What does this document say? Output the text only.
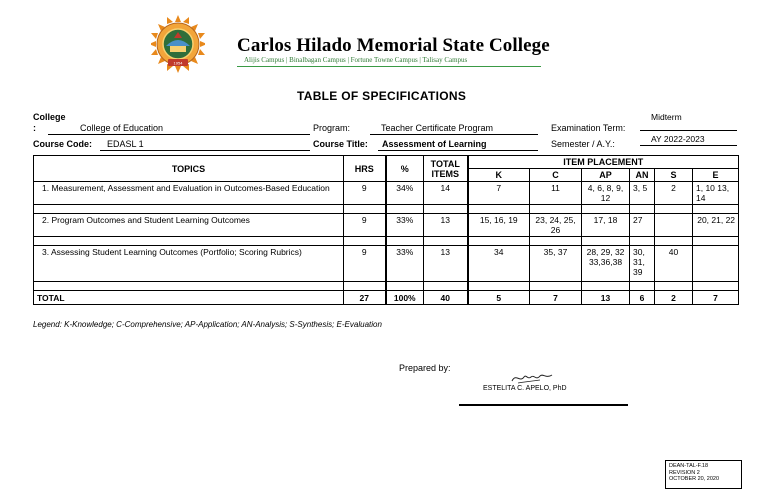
1954
Carlos Hilado Memorial State College
Alijis Campus | Binalbagan Campus | Fortune Towne Campus | Talisay Campus
TABLE OF SPECIFICATIONS
College
:	College of Education	Program:	Teacher Certificate Program	Examination Term:
Midterm
Course Code: EDASL 1	Course Title: Assessment of Learning	Semester / A.Y.:	AY 2022-2023
TOPICS	HRS	%	TOTAL
ITEMS	ITEM PLACEMENT					
				K	C	AP	AN	S	E
1. Measurement, Assessment and Evaluation in Outcomes-Based Education	9	34%	14	7	11	4, 6, 8, 9, 12	3, 5	2	1, 10 13, 14

2. Program Outcomes and Student Learning Outcomes	9	33%	13	15, 16, 19	23, 24, 25, 26	17, 18	27		20, 21, 22

3. Assessing Student Learning Outcomes (Portfolio; Scoring Rubrics)	9	33%	13	34	35, 37	28, 29, 32 33,36,38	30, 31, 39	40	

TOTAL	27	100%	40	5	7	13	6	2	7
Legend: K-Knowledge; C-Comprehensive; AP-Application; AN-Analysis; S-Synthesis; E-Evaluation
Prepared by:
ESTELITA C. APELO, PhD
DEAN-TAL-F.18
REVISION 2
OCTOBER 20, 2020
